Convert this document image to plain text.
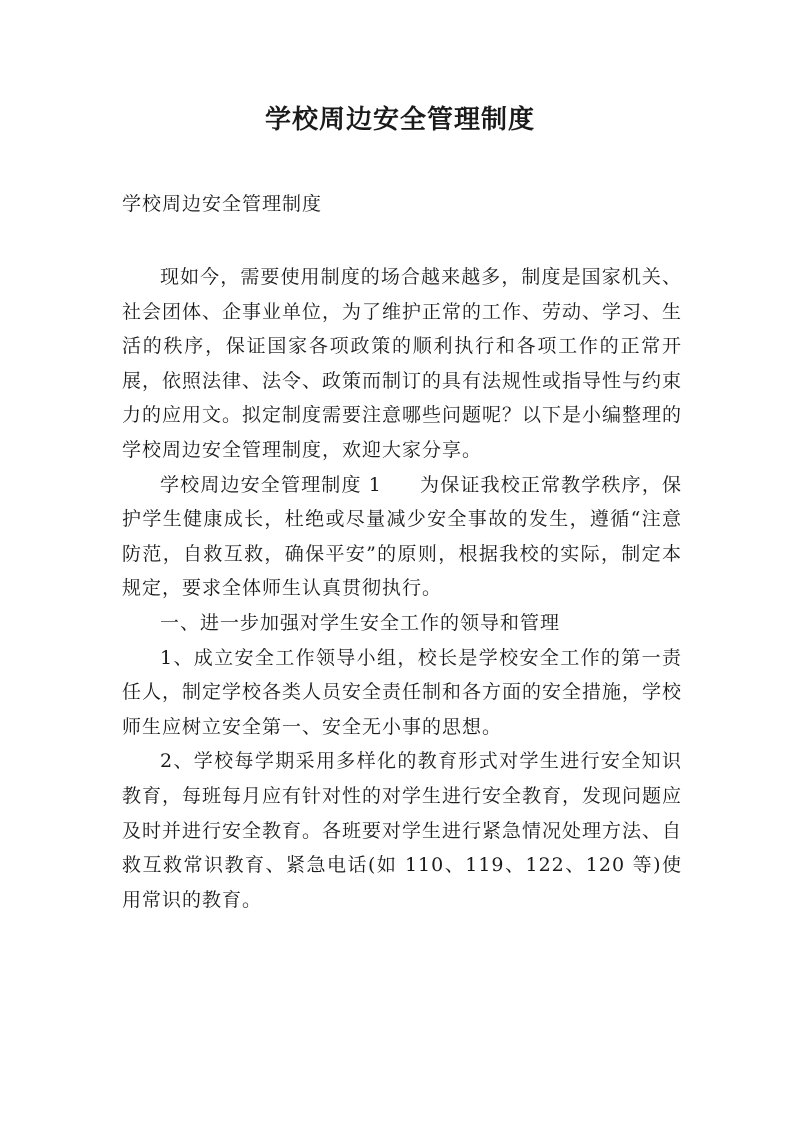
学校周边安全管理制度
学校周边安全管理制度

现如今，需要使用制度的场合越来越多，制度是国家机关、社会团体、企事业单位，为了维护正常的工作、劳动、学习、生活的秩序，保证国家各项政策的顺利执行和各项工作的正常开展，依照法律、法令、政策而制订的具有法规性或指导性与约束力的应用文。拟定制度需要注意哪些问题呢？以下是小编整理的学校周边安全管理制度，欢迎大家分享。

学校周边安全管理制度 1 为保证我校正常教学秩序，保护学生健康成长，杜绝或尽量减少安全事故的发生，遵循“注意防范，自救互救，确保平安”的原则，根据我校的实际，制定本规定，要求全体师生认真贯彻执行。

一、进一步加强对学生安全工作的领导和管理

1、成立安全工作领导小组，校长是学校安全工作的第一责任人，制定学校各类人员安全责任制和各方面的安全措施，学校师生应树立安全第一、安全无小事的思想。

2、学校每学期采用多样化的教育形式对学生进行安全知识教育，每班每月应有针对性的对学生进行安全教育，发现问题应及时并进行安全教育。各班要对学生进行紧急情况处理方法、自救互救常识教育、紧急电话(如 110、119、122、120 等)使用常识的教育。
